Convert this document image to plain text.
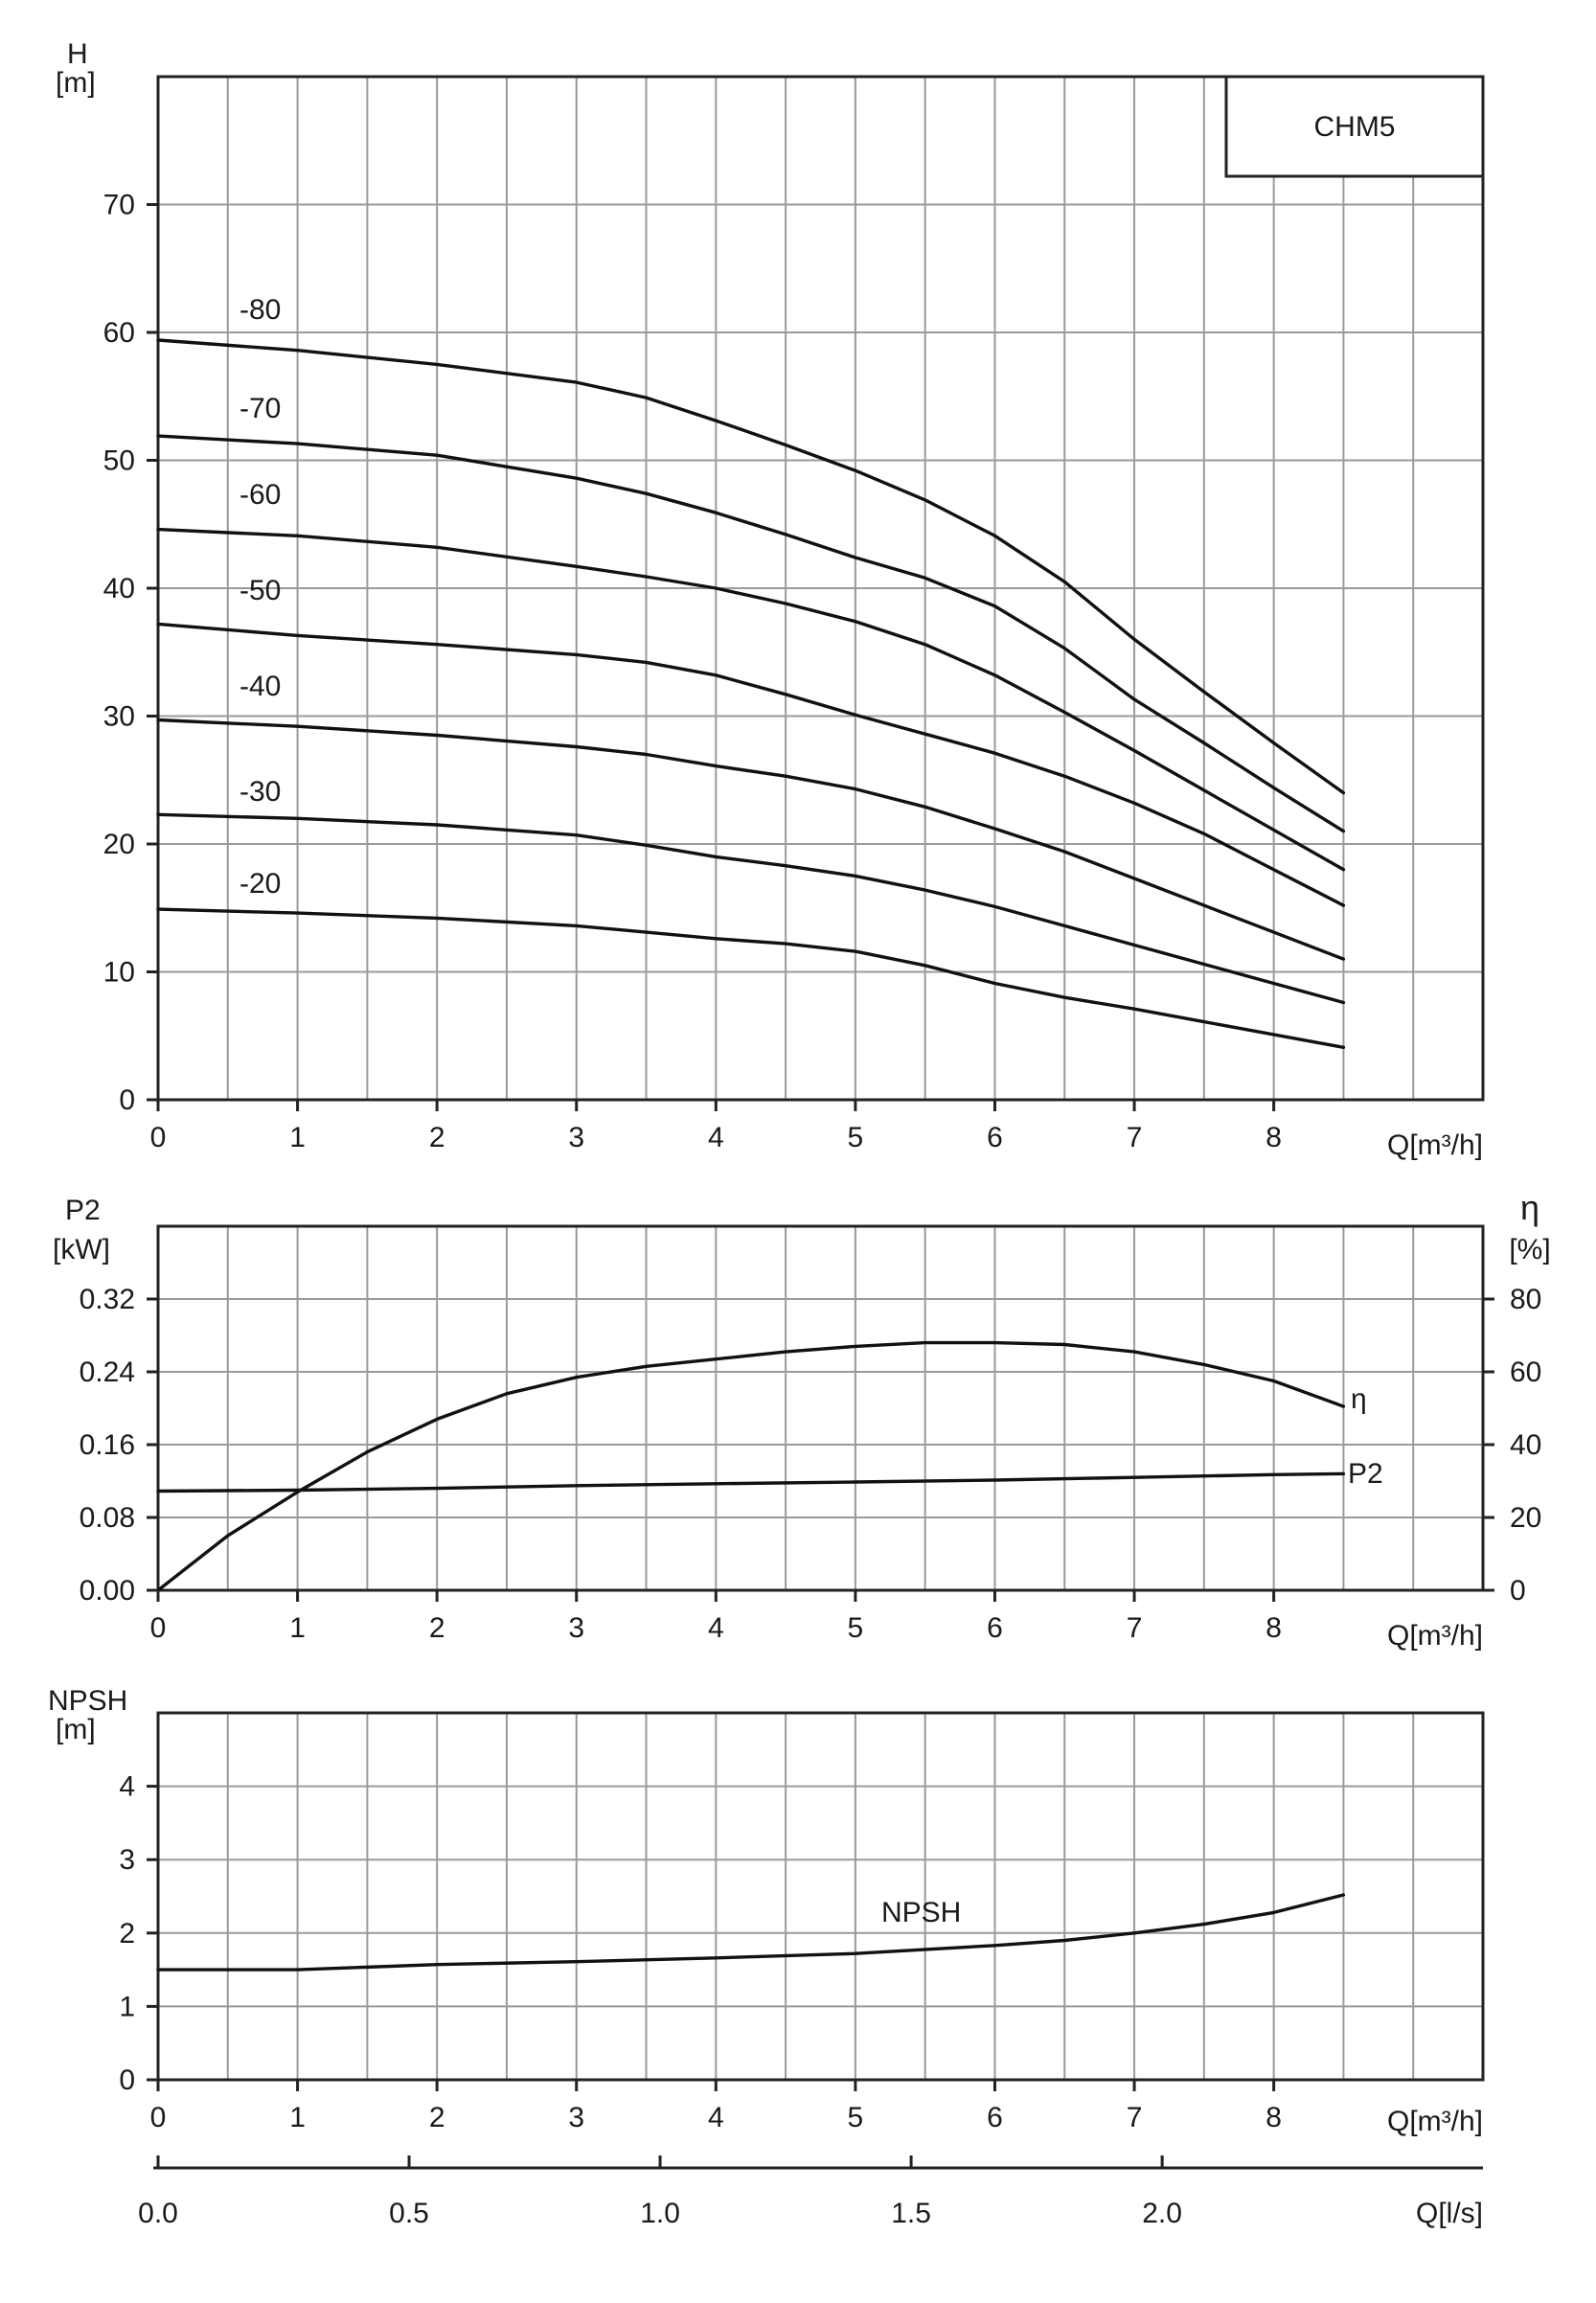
CHM5
0
10
20
30
40
50
60
70
0	1	2	3	4	5	6	7	8
H
[m]
Q[m³/h]
-80
-70
-60
-50
-40
-30
-20
0.00
0.08
0.16
0.24
0.32
0
20
40
60
80
0	1	2	3	4	5	6	7	8
P2
[kW]
η
[%]
Q[m³/h]
η
P2
0
1
2
3
4
0	1	2	3	4	5	6	7	8
NPSH
[m]
Q[m³/h]
NPSH
0.0	0.5	1.0	1.5	2.0	Q[l/s]
